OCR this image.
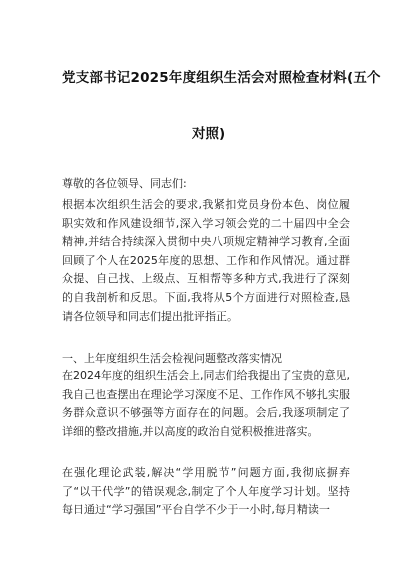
党支部书记2025年度组织生活会对照检查材料(五个
对照)
尊敬的各位领导、同志们:
根据本次组织生活会的要求,我紧扣党员身份本色、岗位履职实效和作风建设细节,深入学习领会党的二十届四中全会精神,并结合持续深入贯彻中央八项规定精神学习教育,全面回顾了个人在2025年度的思想、工作和作风情况。通过群众提、自己找、上级点、互相帮等多种方式,我进行了深刻的自我剖析和反思。下面,我将从5个方面进行对照检查,恳请各位领导和同志们提出批评指正。
一、上年度组织生活会检视问题整改落实情况
在2024年度的组织生活会上,同志们给我提出了宝贵的意见,我自己也查摆出在理论学习深度不足、工作作风不够扎实服务群众意识不够强等方面存在的问题。会后,我逐项制定了详细的整改措施,并以高度的政治自觉积极推进落实。
在强化理论武装,解决“学用脱节”问题方面,我彻底摒弃了“以干代学”的错误观念,制定了个人年度学习计划。坚持每日通过“学习强国”平台自学不少于一小时,每月精读一
